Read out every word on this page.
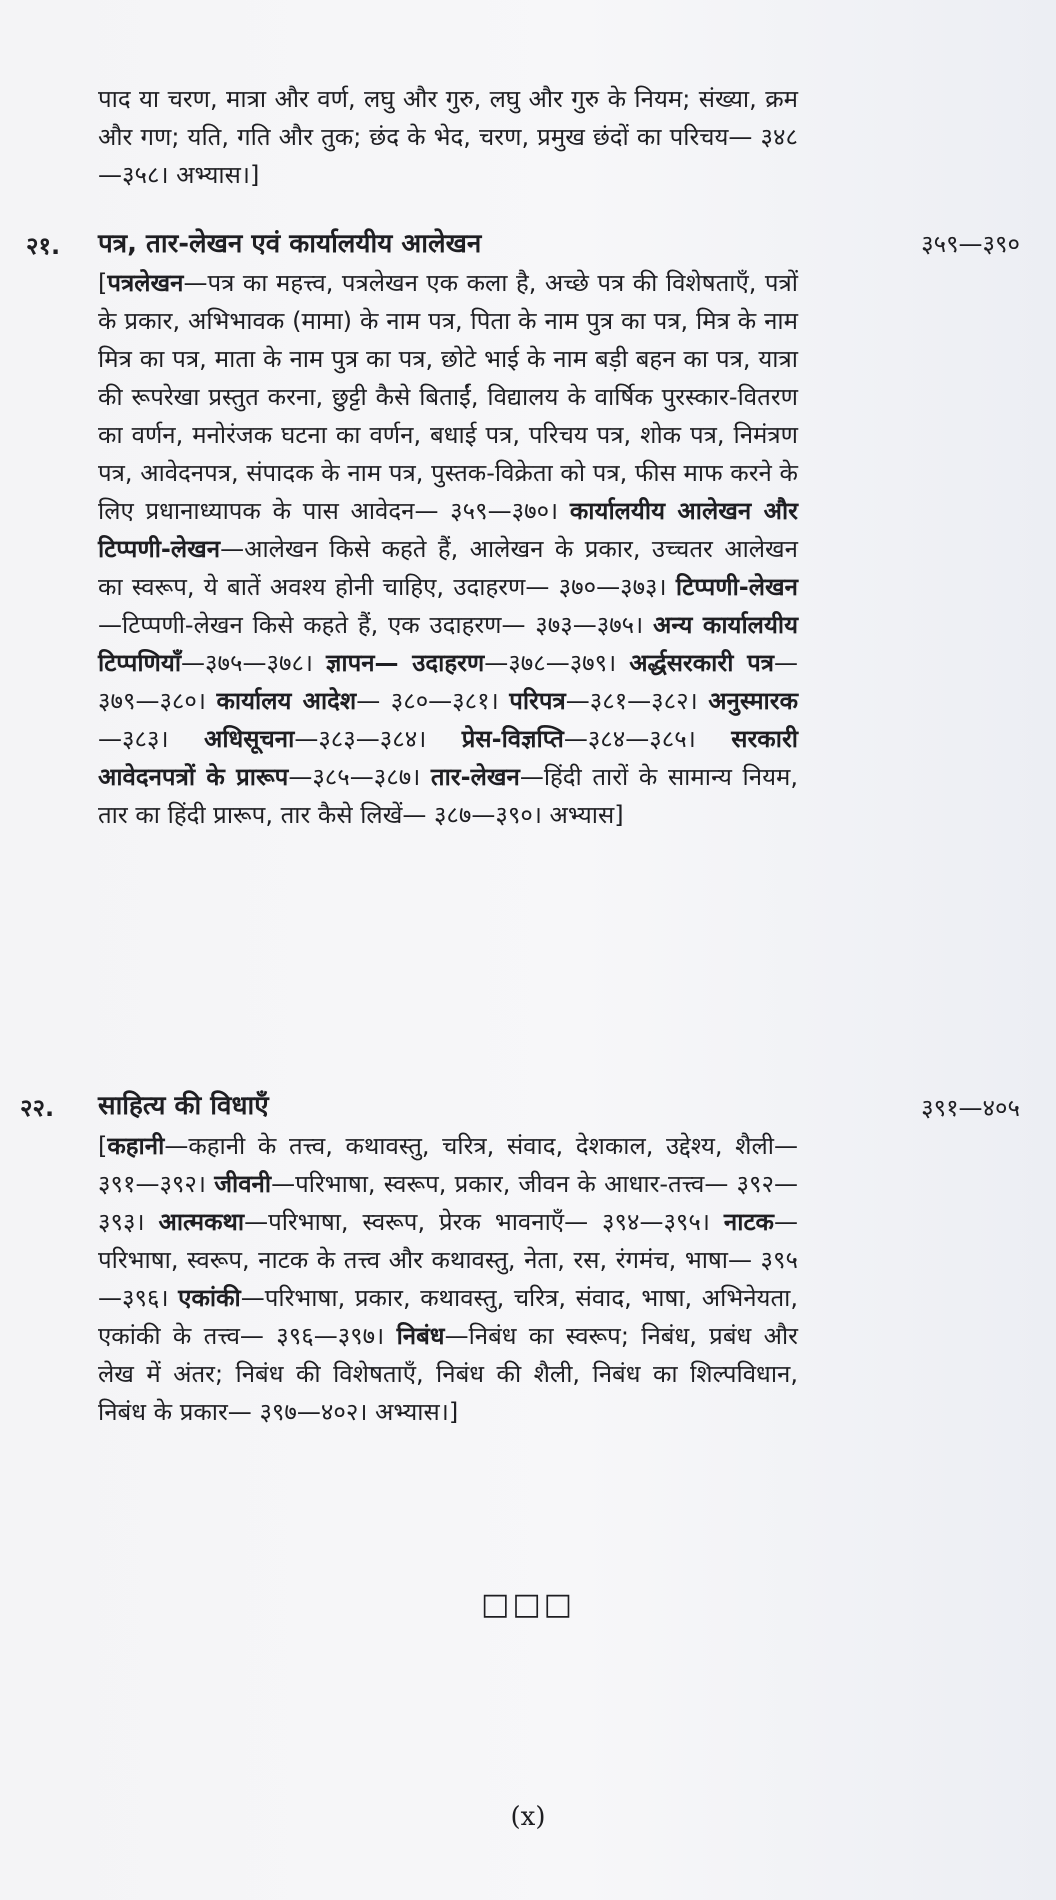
पाद या चरण, मात्रा और वर्ण, लघु और गुरु, लघु और गुरु के नियम; संख्या, क्रम और गण; यति, गति और तुक; छंद के भेद, चरण, प्रमुख छंदों का परिचय— ३४८—३५८। अभ्यास।]

२१. पत्र, तार-लेखन एवं कार्यालयीय आलेखन	३५९—३९०

[पत्रलेखन—पत्र का महत्त्व, पत्रलेखन एक कला है, अच्छे पत्र की विशेषताएँ, पत्रों के प्रकार, अभिभावक (मामा) के नाम पत्र, पिता के नाम पुत्र का पत्र, मित्र के नाम मित्र का पत्र, माता के नाम पुत्र का पत्र, छोटे भाई के नाम बड़ी बहन का पत्र, यात्रा की रूपरेखा प्रस्तुत करना, छुट्टी कैसे बिताईं, विद्यालय के वार्षिक पुरस्कार-वितरण का वर्णन, मनोरंजक घटना का वर्णन, बधाई पत्र, परिचय पत्र, शोक पत्र, निमंत्रण पत्र, आवेदनपत्र, संपादक के नाम पत्र, पुस्तक-विक्रेता को पत्र, फीस माफ करने के लिए प्रधानाध्यापक के पास आवेदन— ३५९—३७०। कार्यालयीय आलेखन और टिप्पणी-लेखन—आलेखन किसे कहते हैं, आलेखन के प्रकार, उच्चतर आलेखन का स्वरूप, ये बातें अवश्य होनी चाहिए, उदाहरण— ३७०—३७३। टिप्पणी-लेखन—टिप्पणी-लेखन किसे कहते हैं, एक उदाहरण— ३७३—३७५। अन्य कार्यालयीय टिप्पणियाँ—३७५—३७८। ज्ञापन— उदाहरण—३७८—३७९। अर्द्धसरकारी पत्र—३७९—३८०। कार्यालय आदेश— ३८०—३८१। परिपत्र—३८१—३८२। अनुस्मारक—३८३। अधिसूचना—३८३—३८४। प्रेस-विज्ञप्ति—३८४—३८५। सरकारी आवेदनपत्रों के प्रारूप—३८५—३८७। तार-लेखन—हिंदी तारों के सामान्य नियम, तार का हिंदी प्रारूप, तार कैसे लिखें— ३८७—३९०। अभ्यास]

२२. साहित्य की विधाएँ	३९१—४०५

[कहानी—कहानी के तत्त्व, कथावस्तु, चरित्र, संवाद, देशकाल, उद्देश्य, शैली— ३९१—३९२। जीवनी—परिभाषा, स्वरूप, प्रकार, जीवन के आधार-तत्त्व— ३९२—३९३। आत्मकथा—परिभाषा, स्वरूप, प्रेरक भावनाएँ— ३९४—३९५। नाटक—परिभाषा, स्वरूप, नाटक के तत्त्व और कथावस्तु, नेता, रस, रंगमंच, भाषा— ३९५—३९६। एकांकी—परिभाषा, प्रकार, कथावस्तु, चरित्र, संवाद, भाषा, अभिनेयता, एकांकी के तत्त्व— ३९६—३९७। निबंध—निबंध का स्वरूप; निबंध, प्रबंध और लेख में अंतर; निबंध की विशेषताएँ, निबंध की शैली, निबंध का शिल्पविधान, निबंध के प्रकार— ३९७—४०२। अभ्यास।]

□□□
(x)
